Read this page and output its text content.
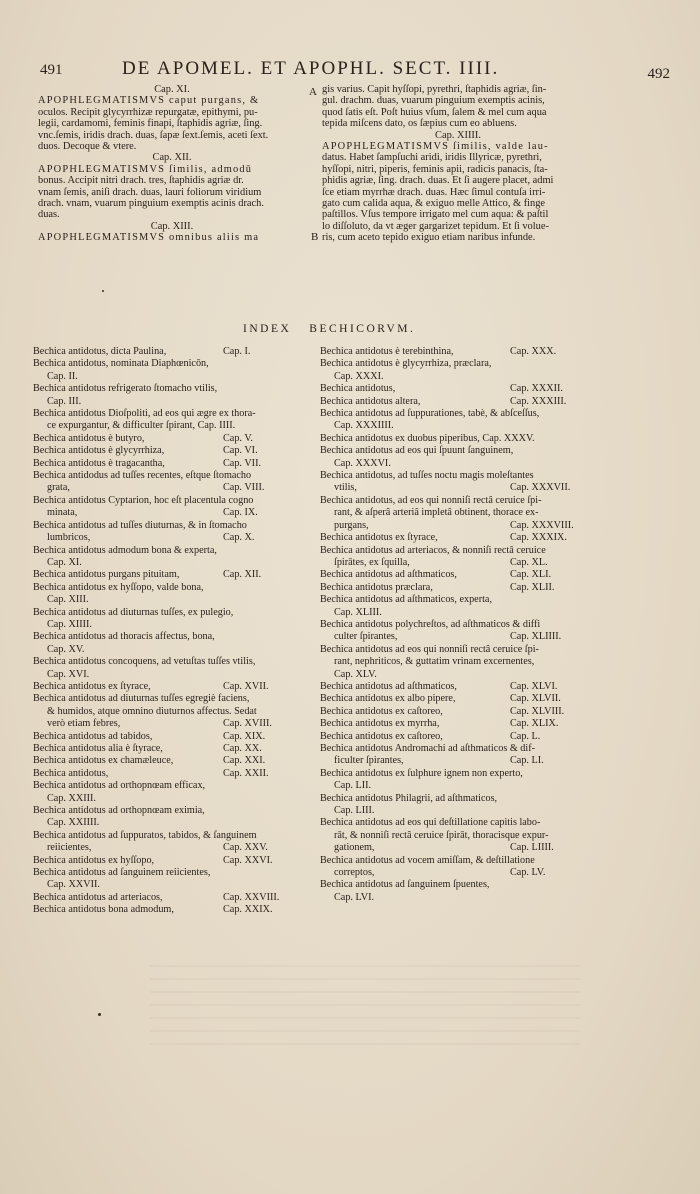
491	DE APOMEL. ET APOPHL. SECT. IIII.	492
Cap. XI.
APOPHLEGMATISMVS caput purgans, &
oculos. Recipit glycyrrhizæ repurgatæ, epithymi, pu-
legii, cardamomi, feminis finapi, ſtaphidis agriæ, ſing.
vnc.ſemis, iridis drach. duas, ſapæ ſext.ſemis, aceti ſext.
duos. Decoque & vtere.
Cap. XII.
APOPHLEGMATISMVS ſimilis, admodū
bonus. Accipit nitri drach. tres, ſtaphidis agriæ dr.
vnam ſemis, aniſi drach. duas, lauri foliorum viridium
drach. vnam, vuarum pinguium exemptis acinis drach.
duas.
Cap. XIII.
APOPHLEGMATISMVS omnibus aliis ma
gis varius. Capit hyſſopi, pyrethri, ſtaphidis agriæ, ſin-
gul. drachm. duas, vuarum pinguium exemptis acinis,
quod ſatis eſt. Poſt huius vſum, ſalem & mel cum aqua
tepida miſcens dato, os ſæpius cum eo abluens.
Cap. XIIII.
APOPHLEGMATISMVS ſimilis, valde lau-
datus. Habet ſampſuchi aridi, iridis Illyricæ, pyrethri,
hyſſopi, nitri, piperis, feminis apii, radicis panacis, ſta-
phidis agriæ, ſing. drach. duas. Et ſi augere placet, admi
ſce etiam myrrhæ drach. duas. Hæc ſimul contuſa irri-
gato cum calida aqua, & exiguo melle Attico, & finge
paſtillos. Vſus tempore irrigato mel cum aqua: & paſtil
lo diſſoluto, da vt æger gargarizet tepidum. Et ſi volue-
ris, cum aceto tepido exiguo etiam naribus infunde.
A
B
INDEX BECHICORVM.
Bechica antidotus, dicta Paulina,	Cap. I.
Bechica antidotus, nominata Diaphœnicōn,
Cap. II.
Bechica antidotus refrigerato ſtomacho vtilis,
Cap. III.
Bechica antidotus Dioſpoliti, ad eos qui ægre ex thora-
ce expurgantur, & difficulter ſpirant, Cap. IIII.
Bechica antidotus è butyro,	Cap. V.
Bechica antidotus è glycyrrhiza,	Cap. VI.
Bechica antidotus è tragacantha,	Cap. VII.
Bechica antidodus ad tuſſes recentes, eſtque ſtomacho
grata,	Cap. VIII.
Bechica antidotus Cyptarion, hoc eſt placentula cogno
minata,	Cap. IX.
Bechica antidotus ad tuſſes diuturnas, & in ſtomacho
lumbricos,	Cap. X.
Bechica antidotus admodum bona & experta,
Cap. XI.
Bechica antidotus purgans pituitam,	Cap. XII.
Bechica antidotus ex hyſſopo, valde bona,
Cap. XIII.
Bechica antidotus ad diuturnas tuſſes, ex pulegio,
Cap. XIIII.
Bechica antidotus ad thoracis affectus, bona,
Cap. XV.
Bechica antidotus concoquens, ad vetuſtas tuſſes vtilis,
Cap. XVI.
Bechica antidotus ex ſtyrace,	Cap. XVII.
Bechica antidotus ad diuturnas tuſſes egregiè faciens,
& humidos, atque omnino diuturnos affectus. Sedat
verò etiam febres,	Cap. XVIII.
Bechica antidotus ad tabidos,	Cap. XIX.
Bechica antidotus alia è ſtyrace,	Cap. XX.
Bechica antidotus ex chamæleuce,	Cap. XXI.
Bechica antidotus,	Cap. XXII.
Bechica antidotus ad orthopnœam efficax,
Cap. XXIII.
Bechica antidotus ad orthopnœam eximia,
Cap. XXIIII.
Bechica antidotus ad ſuppuratos, tabidos, & ſanguinem
reiicientes,	Cap. XXV.
Bechica antidotus ex hyſſopo,	Cap. XXVI.
Bechica antidotus ad ſanguinem reiicientes,
Cap. XXVII.
Bechica antidotus ad arteriacos,	Cap. XXVIII.
Bechica antidotus bona admodum,	Cap. XXIX.
Bechica antidotus è terebinthina,	Cap. XXX.
Bechica antidotus è glycyrrhiza, præclara,
Cap. XXXI.
Bechica antidotus,	Cap. XXXII.
Bechica antidotus altera,	Cap. XXXIII.
Bechica antidotus ad ſuppurationes, tabè, & abſceſſus,
Cap. XXXIIII.
Bechica antidotus ex duobus piperibus, Cap. XXXV.
Bechica antidotus ad eos qui ſpuunt ſanguinem,
Cap. XXXVI.
Bechica antidotus, ad tuſſes noctu magis moleſtantes
vtilis,	Cap. XXXVII.
Bechica antidotus, ad eos qui nonniſi rectâ ceruice ſpi-
rant, & aſperâ arteriâ impletâ obtinent, thorace ex-
purgans,	Cap. XXXVIII.
Bechica antidotus ex ſtyrace,	Cap. XXXIX.
Bechica antidotus ad arteriacos, & nonniſi rectâ ceruice
ſpirātes, ex ſquilla,	Cap. XL.
Bechica antidotus ad aſthmaticos,	Cap. XLI.
Bechica antidotus præclara,	Cap. XLII.
Bechica antidotus ad aſthmaticos, experta,
Cap. XLIII.
Bechica antidotus polychreſtos, ad aſthmaticos & diffi
culter ſpirantes,	Cap. XLIIII.
Bechica antidotus ad eos qui nonniſi rectâ ceruice ſpi-
rant, nephriticos, & guttatim vrinam excernentes,
Cap. XLV.
Bechica antidotus ad aſthmaticos,	Cap. XLVI.
Bechica antidotus ex albo pipere,	Cap. XLVII.
Bechica antidotus ex caſtoreo,	Cap. XLVIII.
Bechica antidotus ex myrrha,	Cap. XLIX.
Bechica antidotus ex caſtoreo,	Cap. L.
Bechica antidotus Andromachi ad aſthmaticos & dif-
ficulter ſpirantes,	Cap. LI.
Bechica antidotus ex ſulphure ignem non experto,
Cap. LII.
Bechica antidotus Philagrii, ad aſthmaticos,
Cap. LIII.
Bechica antidotus ad eos qui deſtillatione capitis labo-
rāt, & nonniſi rectâ ceruice ſpirāt, thoracisque expur-
gationem,	Cap. LIIII.
Bechica antidotus ad vocem amiſſam, & deſtillatione
correptos,	Cap. LV.
Bechica antidotus ad ſanguinem ſpuentes,
Cap. LVI.
